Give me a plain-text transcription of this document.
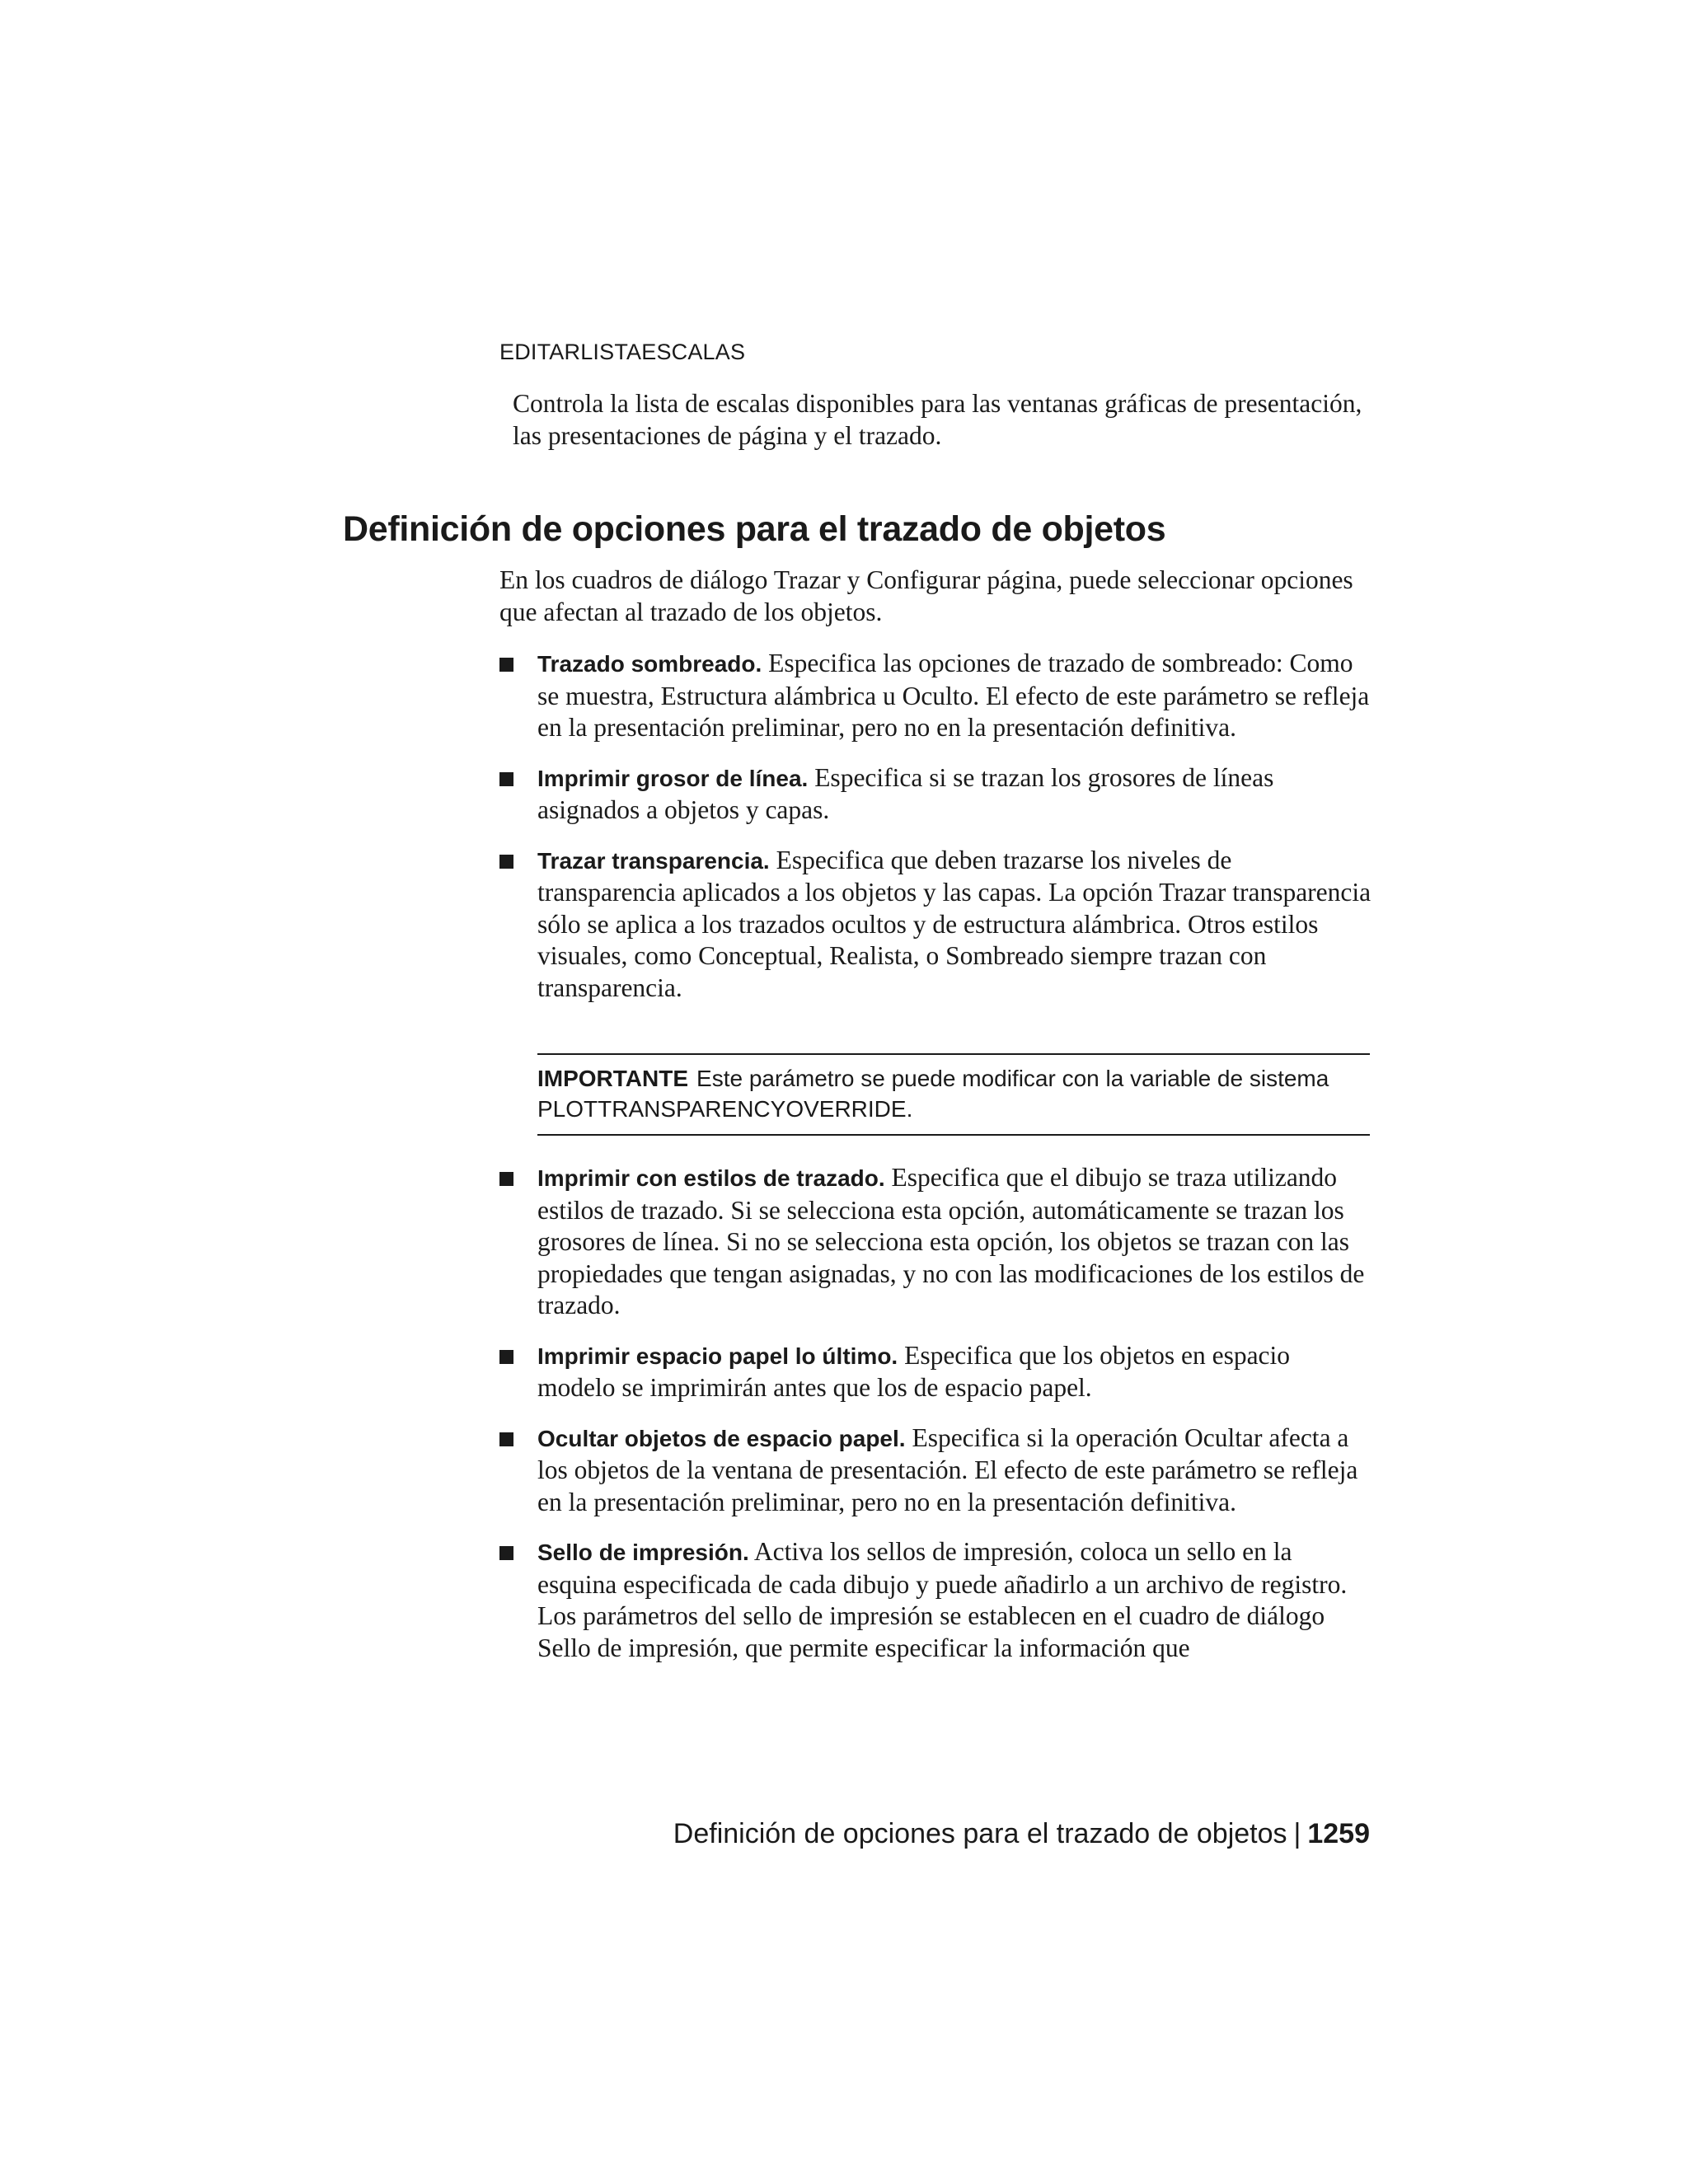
EDITARLISTAESCALAS
Controla la lista de escalas disponibles para las ventanas gráficas de presentación, las presentaciones de página y el trazado.
Definición de opciones para el trazado de objetos

En los cuadros de diálogo Trazar y Configurar página, puede seleccionar opciones que afectan al trazado de los objetos.

Trazado sombreado. Especifica las opciones de trazado de sombreado: Como se muestra, Estructura alámbrica u Oculto. El efecto de este parámetro se refleja en la presentación preliminar, pero no en la presentación definitiva.
Imprimir grosor de línea. Especifica si se trazan los grosores de líneas asignados a objetos y capas.
Trazar transparencia. Especifica que deben trazarse los niveles de transparencia aplicados a los objetos y las capas. La opción Trazar transparencia sólo se aplica a los trazados ocultos y de estructura alámbrica. Otros estilos visuales, como Conceptual, Realista, o Sombreado siempre trazan con transparencia.
IMPORTANTE Este parámetro se puede modificar con la variable de sistema PLOTTRANSPARENCYOVERRIDE.
Imprimir con estilos de trazado. Especifica que el dibujo se traza utilizando estilos de trazado. Si se selecciona esta opción, automáticamente se trazan los grosores de línea. Si no se selecciona esta opción, los objetos se trazan con las propiedades que tengan asignadas, y no con las modificaciones de los estilos de trazado.
Imprimir espacio papel lo último. Especifica que los objetos en espacio modelo se imprimirán antes que los de espacio papel.
Ocultar objetos de espacio papel. Especifica si la operación Ocultar afecta a los objetos de la ventana de presentación. El efecto de este parámetro se refleja en la presentación preliminar, pero no en la presentación definitiva.
Sello de impresión. Activa los sellos de impresión, coloca un sello en la esquina especificada de cada dibujo y puede añadirlo a un archivo de registro. Los parámetros del sello de impresión se establecen en el cuadro de diálogo Sello de impresión, que permite especificar la información que
Definición de opciones para el trazado de objetos | 1259
